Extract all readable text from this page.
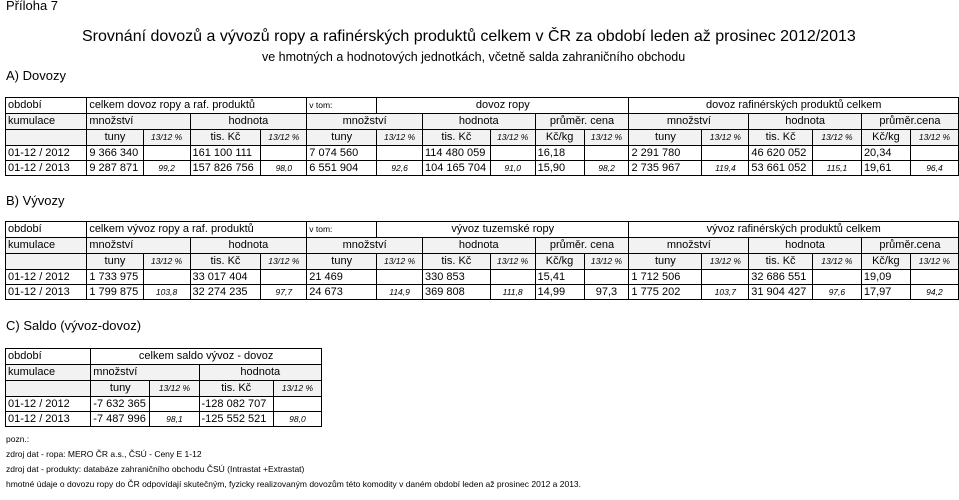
Příloha 7
Srovnání dovozů a vývozů ropy a rafinérských produktů celkem v ČR za období leden až prosinec 2012/2013
ve hmotných a hodnotových jednotkách, včetně salda zahraničního obchodu
A) Dovozy
období	celkem dovoz ropy a raf. produktů				v tom:	dovoz ropy					dovoz rafinérských produktů celkem					
kumulace	množství		hodnota		množství		hodnota		průměr. cena		množství		hodnota		průměr.cena	
	tuny	13/12 %	tis. Kč	13/12 %	tuny	13/12 %	tis. Kč	13/12 %	Kč/kg	13/12 %	tuny	13/12 %	tis. Kč	13/12 %	Kč/kg	13/12 %
01-12 / 2012	9 366 340		161 100 111		7 074 560		114 480 059		16,18		2 291 780		46 620 052		20,34	
01-12 / 2013	9 287 871	99,2	157 826 756	98,0	6 551 904	92,6	104 165 704	91,0	15,90	98,2	2 735 967	119,4	53 661 052	115,1	19,61	96,4
B) Vývozy
období	celkem vývoz ropy a raf. produktů				v tom:	vývoz tuzemské ropy					vývoz rafinérských produktů celkem					
kumulace	množství		hodnota		množství		hodnota		průměr. cena		množství		hodnota		průměr.cena	
	tuny	13/12 %	tis. Kč	13/12 %	tuny	13/12 %	tis. Kč	13/12 %	Kč/kg	13/12 %	tuny	13/12 %	tis. Kč	13/12 %	Kč/kg	13/12 %
01-12 / 2012	1 733 975		33 017 404		21 469		330 853		15,41		1 712 506		32 686 551		19,09	
01-12 / 2013	1 799 875	103,8	32 274 235	97,7	24 673	114,9	369 808	111,8	14,99	97,3	1 775 202	103,7	31 904 427	97,6	17,97	94,2
C) Saldo (vývoz-dovoz)
období	celkem saldo vývoz - dovoz			
kumulace	množství		hodnota	
	tuny	13/12 %	tis. Kč	13/12 %
01-12 / 2012	-7 632 365		-128 082 707	
01-12 / 2013	-7 487 996	98,1	-125 552 521	98,0
pozn.:
zdroj dat - ropa: MERO ČR a.s., ČSÚ - Ceny E 1-12
zdroj dat - produkty: databáze zahraničního obchodu ČSÚ (Intrastat +Extrastat)
hmotné údaje o dovozu ropy do ČR odpovídají skutečným, fyzicky realizovaným dovozům této komodity v daném období leden až prosinec 2012 a 2013.
